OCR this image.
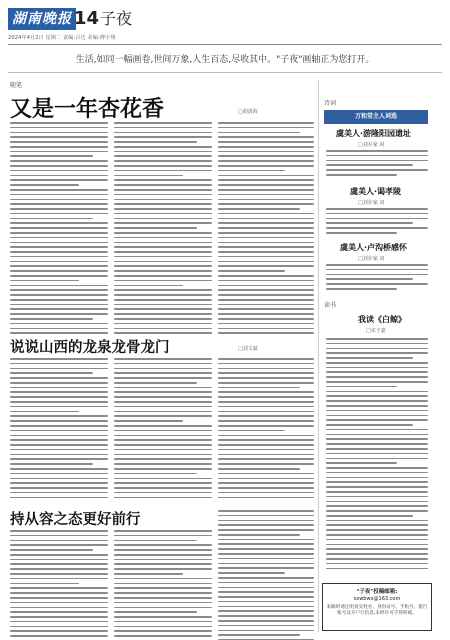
湖南晚报 14 子夜
2024年4月2日 星期二 责编:吕达 美编:傅宇翔
生活,如同一幅画卷,世间万象,人生百态,尽收其中。"子夜"画轴正为您打开。
随笔
又是一年杏花香	□胡清海
□刘文斌
说说山西的龙泉龙骨龙门
持从容之态更好前行
诗词
万和堂主人词选
虞美人·游隆阳园遗址
□刘存家 词
虞美人·谒孝陵
□刘存家 词
虞美人·卢沟桥感怀
□刘存家 词
读书
我读《白鲸》
□宋子嘉
"子夜"投稿邮箱:
sxwbwx@163.com
来稿时请注明真实姓名、身份证号、手机号、银行账号及开户行信息,未经许可不得转载。
